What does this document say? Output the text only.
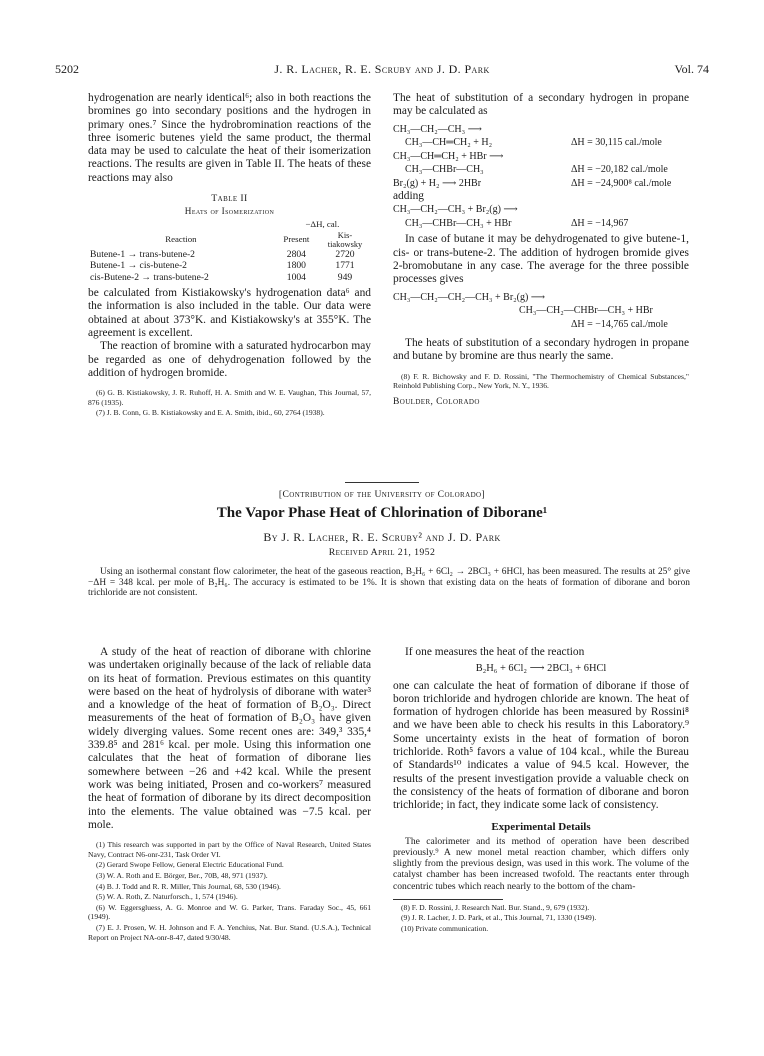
5202	J. R. Lacher, R. E. Scruby and J. D. Park	Vol. 74

hydrogenation are nearly identical⁶; also in both reactions the bromines go into secondary positions and the hydrogen in primary ones.⁷ Since the hydrobromination reactions of the three isomeric butenes yield the same product, the thermal data may be used to calculate the heat of their isomerization reactions. The results are given in Table II. The heats of these reactions may also

Table II
Heats of Isomerization
	−ΔH, cal.	
Reaction	Present	Kis-tiakowsky
Butene-1 → trans-butene-2	2804	2720
Butene-1 → cis-butene-2	1800	1771
cis-Butene-2 → trans-butene-2	1004	949

be calculated from Kistiakowsky's hydrogenation data⁶ and the information is also included in the table. Our data were obtained at about 373°K. and Kistiakowsky's at 355°K. The agreement is excellent.

The reaction of bromine with a saturated hydrocarbon may be regarded as one of dehydrogenation followed by the addition of hydrogen bromide.

(6) G. B. Kistiakowsky, J. R. Ruhoff, H. A. Smith and W. E. Vaughan, This Journal, 57, 876 (1935).

(7) J. B. Conn, G. B. Kistiakowsky and E. A. Smith, ibid., 60, 2764 (1938).

The heat of substitution of a secondary hydrogen in propane may be calculated as

CH₃—CH₂—CH₃ ⟶
CH₃—CH═CH₂ + H₂	ΔH = 30,115 cal./mole
CH₃—CH═CH₂ + HBr ⟶
CH₃—CHBr—CH₃	ΔH = −20,182 cal./mole
Br₂(g) + H₂ ⟶ 2HBr	ΔH = −24,900⁸ cal./mole

adding

CH₃—CH₂—CH₃ + Br₂(g) ⟶
CH₃—CHBr—CH₃ + HBr	ΔH = −14,967

In case of butane it may be dehydrogenated to give butene-1, cis- or trans-butene-2. The addition of hydrogen bromide gives 2-bromobutane in any case. The average for the three possible processes gives

CH₃—CH₂—CH₂—CH₃ + Br₂(g) ⟶
CH₃—CH₂—CHBr—CH₃ + HBr
ΔH = −14,765 cal./mole

The heats of substitution of a secondary hydrogen in propane and butane by bromine are thus nearly the same.

(8) F. R. Bichowsky and F. D. Rossini, "The Thermochemistry of Chemical Substances," Reinhold Publishing Corp., New York, N. Y., 1936.

Boulder, Colorado
[Contribution of the University of Colorado]
The Vapor Phase Heat of Chlorination of Diborane¹
By J. R. Lacher, R. E. Scruby² and J. D. Park
Received April 21, 1952
Using an isothermal constant flow calorimeter, the heat of the gaseous reaction, B₂H₆ + 6Cl₂ → 2BCl₃ + 6HCl, has been measured. The results at 25° give −ΔH = 348 kcal. per mole of B₂H₆. The accuracy is estimated to be 1%. It is shown that existing data on the heats of formation of diborane and boron trichloride are not consistent.

A study of the heat of reaction of diborane with chlorine was undertaken originally because of the lack of reliable data on its heat of formation. Previous estimates on this quantity were based on the heat of hydrolysis of diborane with water³ and a knowledge of the heat of formation of B₂O₃. Direct measurements of the heat of formation of B₂O₃ have given widely diverging values. Some recent ones are: 349,³ 335,⁴ 339.8⁵ and 281⁶ kcal. per mole. Using this information one calculates that the heat of formation of diborane lies somewhere between −26 and +42 kcal. While the present work was being initiated, Prosen and co-workers⁷ measured the heat of formation of diborane by its direct decomposition into the elements. The value obtained was −7.5 kcal. per mole.

(1) This research was supported in part by the Office of Naval Research, United States Navy, Contract N6-onr-231, Task Order VI.

(2) Gerard Swope Fellow, General Electric Educational Fund.

(3) W. A. Roth and E. Börger, Ber., 70B, 48, 971 (1937).

(4) B. J. Todd and R. R. Miller, This Journal, 68, 530 (1946).

(5) W. A. Roth, Z. Naturforsch., 1, 574 (1946).

(6) W. Eggersgluess, A. G. Monroe and W. G. Parker, Trans. Faraday Soc., 45, 661 (1949).

(7) E. J. Prosen, W. H. Johnson and F. A. Yenchius, Nat. Bur. Stand. (U.S.A.), Technical Report on Project NA-onr-8-47, dated 9/30/48.

If one measures the heat of the reaction

B₂H₆ + 6Cl₂ ⟶ 2BCl₃ + 6HCl

one can calculate the heat of formation of diborane if those of boron trichloride and hydrogen chloride are known. The heat of formation of hydrogen chloride has been measured by Rossini⁸ and we have been able to check his results in this Laboratory.⁹ Some uncertainty exists in the heat of formation of boron trichloride. Roth⁵ favors a value of 104 kcal., while the Bureau of Standards¹⁰ indicates a value of 94.5 kcal. However, the results of the present investigation provide a valuable check on the consistency of the heats of formation of diborane and boron trichloride; in fact, they indicate some lack of consistency.

Experimental Details

The calorimeter and its method of operation have been described previously.⁹ A new monel metal reaction chamber, which differs only slightly from the previous design, was used in this work. The volume of the catalyst chamber has been increased twofold. The reactants enter through concentric tubes which reach nearly to the bottom of the cham-

(8) F. D. Rossini, J. Research Natl. Bur. Stand., 9, 679 (1932).

(9) J. R. Lacher, J. D. Park, et al., This Journal, 71, 1330 (1949).

(10) Private communication.
